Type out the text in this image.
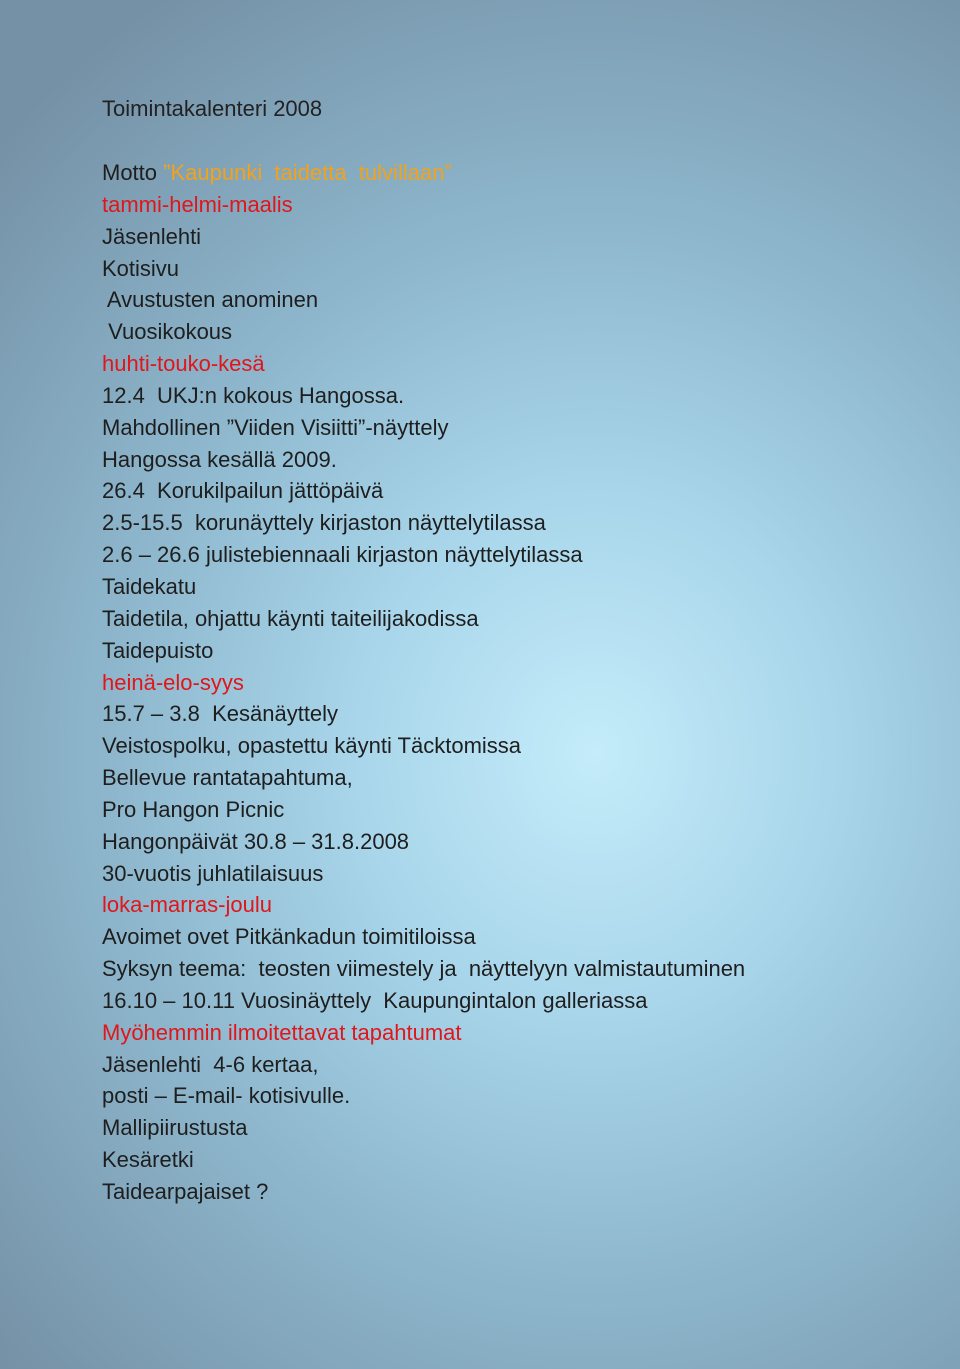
Toimintakalenteri 2008
Motto ”Kaupunki  taidetta  tulvillaan”
tammi-helmi-maalis
Jäsenlehti
Kotisivu
Avustusten anominen
Vuosikokous
huhti-touko-kesä
12.4  UKJ:n kokous Hangossa.
Mahdollinen ”Viiden Visiitti”-näyttely
Hangossa kesällä 2009.
26.4  Korukilpailun jättöpäivä
2.5-15.5  korunäyttely kirjaston näyttelytilassa
2.6 – 26.6 julistebiennaali kirjaston näyttelytilassa
Taidekatu
Taidetila, ohjattu käynti taiteilijakodissa
Taidepuisto
heinä-elo-syys
15.7 – 3.8  Kesänäyttely
Veistospolku, opastettu käynti Täcktomissa
Bellevue rantatapahtuma,
Pro Hangon Picnic
Hangonpäivät 30.8 – 31.8.2008
30-vuotis juhlatilaisuus
loka-marras-joulu
Avoimet ovet Pitkänkadun toimitiloissa
Syksyn teema:  teosten viimestely ja  näyttelyyn valmistautuminen
16.10 – 10.11 Vuosinäyttely  Kaupungintalon galleriassa
Myöhemmin ilmoitettavat tapahtumat
Jäsenlehti  4-6 kertaa,
posti – E-mail- kotisivulle.
Mallipiirustusta
Kesäretki
Taidearpajaiset ?
